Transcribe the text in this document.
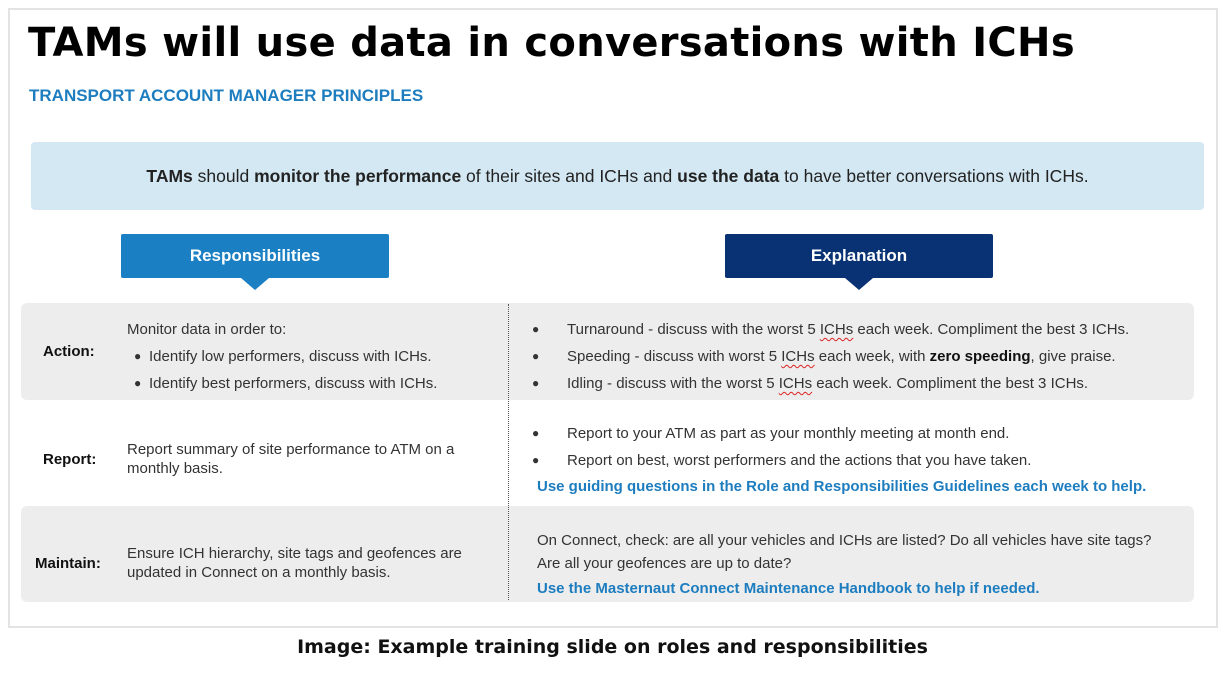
TAMs will use data in conversations with ICHs
TRANSPORT ACCOUNT MANAGER PRINCIPLES
TAMs should monitor the performance of their sites and ICHs and use the data to have better conversations with ICHs.
Responsibilities	Explanation
Action:
Monitor data in order to:
● Identify low performers, discuss with ICHs.
● Identify best performers, discuss with ICHs.
● Turnaround - discuss with the worst 5 ICHs each week. Compliment the best 3 ICHs.
● Speeding - discuss with worst 5 ICHs each week, with zero speeding, give praise.
● Idling - discuss with the worst 5 ICHs each week. Compliment the best 3 ICHs.
Report:
Report summary of site performance to ATM on a
monthly basis.
● Report to your ATM as part as your monthly meeting at month end.
● Report on best, worst performers and the actions that you have taken.
Use guiding questions in the Role and Responsibilities Guidelines each week to help.
Maintain:
Ensure ICH hierarchy, site tags and geofences are
updated in Connect on a monthly basis.
On Connect, check: are all your vehicles and ICHs are listed? Do all vehicles have site tags?
Are all your geofences are up to date?
Use the Masternaut Connect Maintenance Handbook to help if needed.
Image: Example training slide on roles and responsibilities
